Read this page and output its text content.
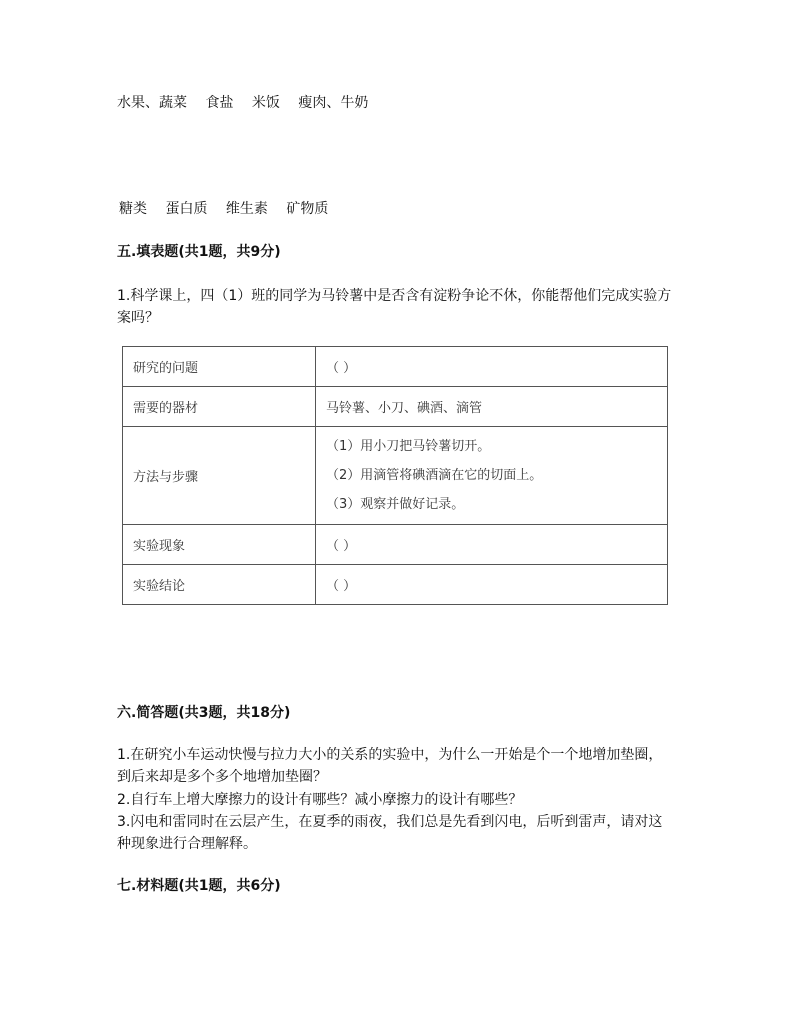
水果、蔬菜 食盐 米饭 瘦肉、牛奶
糖类 蛋白质 维生素 矿物质
五.填表题(共1题，共9分)
1.科学课上，四（1）班的同学为马铃薯中是否含有淀粉争论不休，你能帮他们完成实验方案吗？
研究的问题	（ ）
需要的器材	马铃薯、小刀、碘酒、滴管
方法与步骤	（1）用小刀把马铃薯切开。
（2）用滴管将碘酒滴在它的切面上。
（3）观察并做好记录。

实验现象	（ ）
实验结论	（ ）
六.简答题(共3题，共18分)
1.在研究小车运动快慢与拉力大小的关系的实验中，为什么一开始是个一个地增加垫圈，到后来却是多个多个地增加垫圈？
2.自行车上增大摩擦力的设计有哪些？减小摩擦力的设计有哪些？
3.闪电和雷同时在云层产生，在夏季的雨夜，我们总是先看到闪电，后听到雷声，请对这种现象进行合理解释。
七.材料题(共1题，共6分)
